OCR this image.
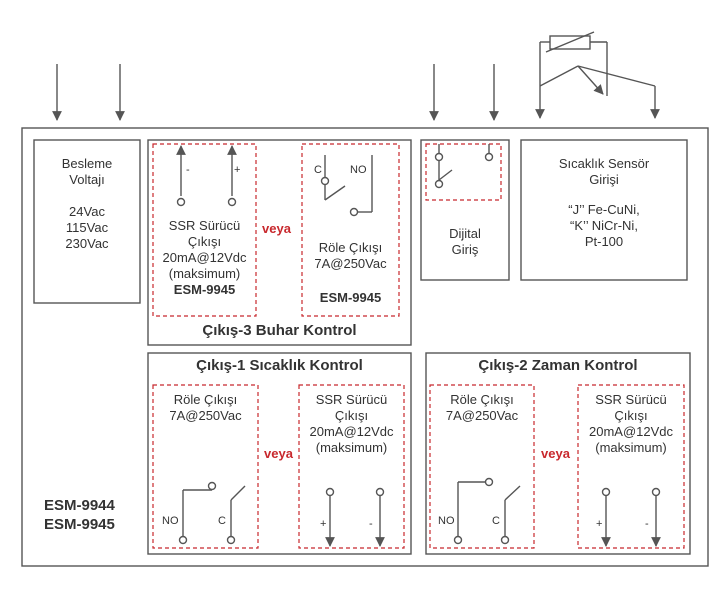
Besleme
Voltajı
24Vac
115Vac
230Vac
-	+
SSR Sürücü
Çıkışı
20mA@12Vdc
(maksimum)
ESM-9945
veya
C	NO
Röle Çıkışı
7A@250Vac
ESM-9945
Çıkış-3 Buhar Kontrol
Dijital
Giriş
Sıcaklık Sensör
Girişi
“J’’ Fe-CuNi,
“K’’ NiCr-Ni,
Pt-100
Çıkış-1 Sıcaklık Kontrol
Röle Çıkışı
7A@250Vac
NO	C
veya
SSR Sürücü
Çıkışı
20mA@12Vdc
(maksimum)
+	-
Çıkış-2 Zaman Kontrol
Röle Çıkışı
7A@250Vac
NO	C
veya
SSR Sürücü
Çıkışı
20mA@12Vdc
(maksimum)
+	-
ESM-9944
ESM-9945
